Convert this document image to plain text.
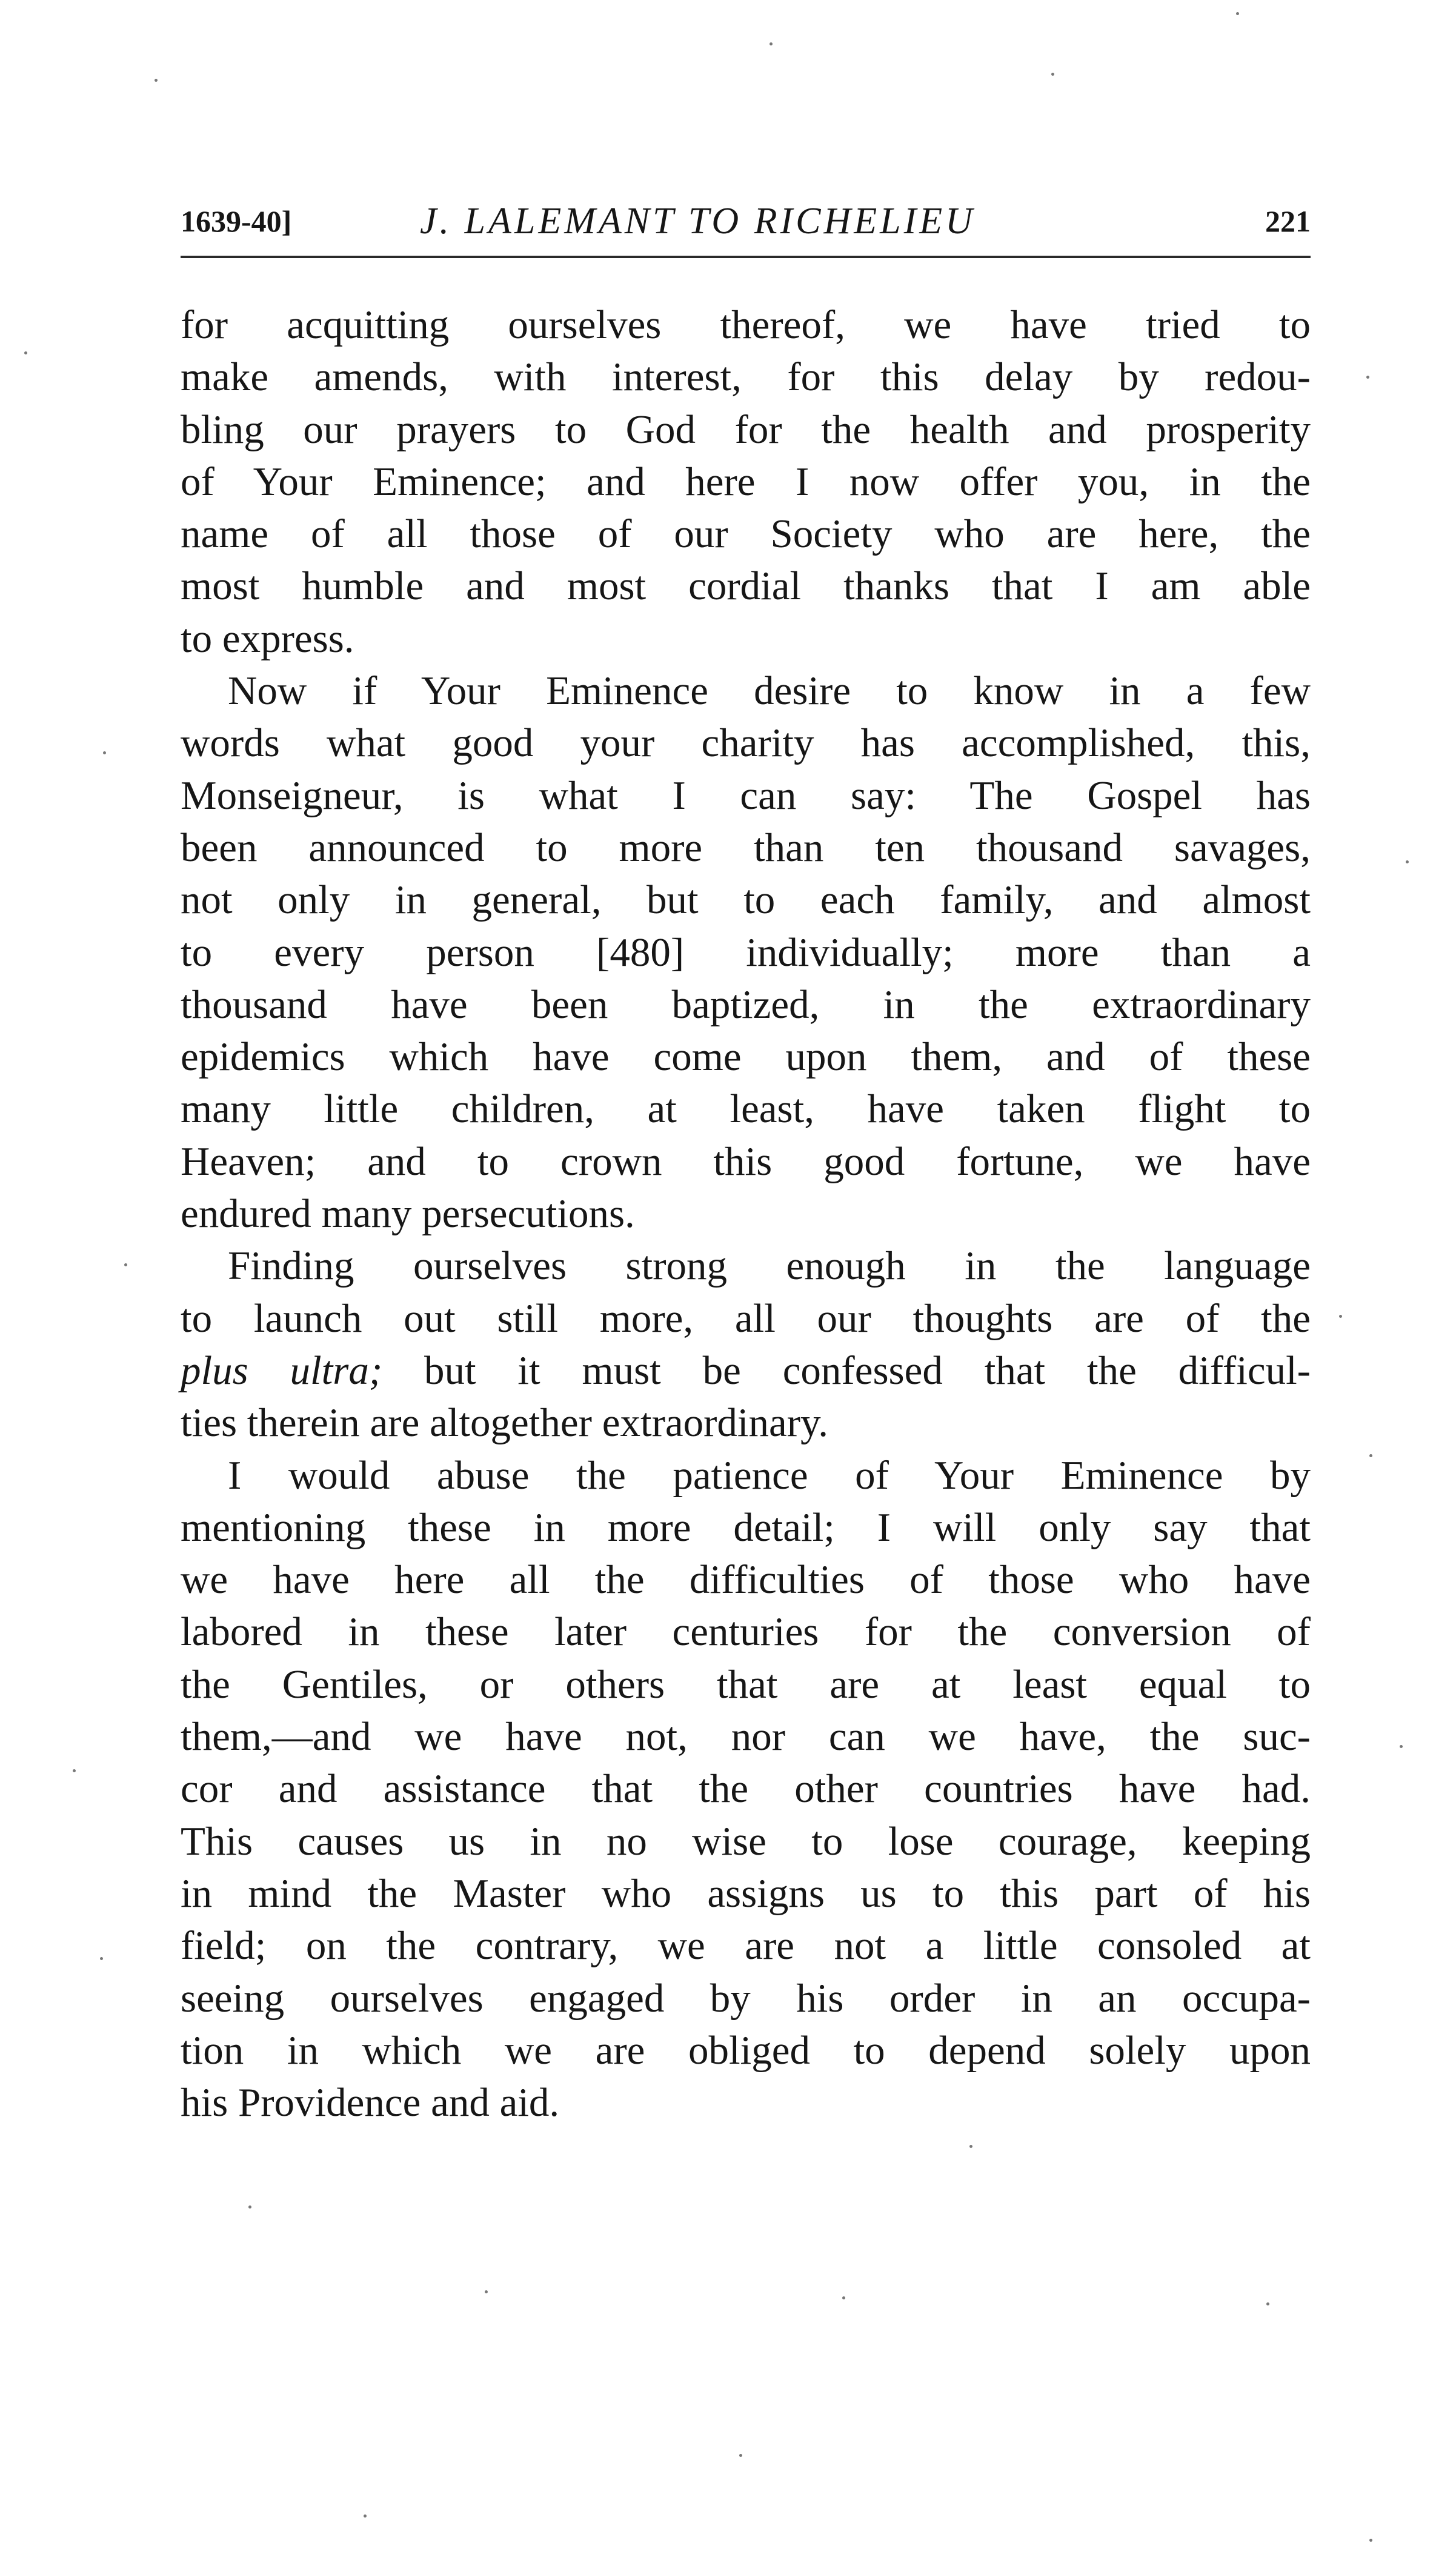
1639-40]	J. LALEMANT TO RICHELIEU	221
for acquitting ourselves thereof, we have tried to
make amends, with interest, for this delay by redou-
bling our prayers to God for the health and prosperity
of Your Eminence; and here I now offer you, in the
name of all those of our Society who are here, the
most humble and most cordial thanks that I am able
to express.
Now if Your Eminence desire to know in a few
words what good your charity has accomplished, this,
Monseigneur, is what I can say: The Gospel has
been announced to more than ten thousand savages,
not only in general, but to each family, and almost
to every person [480] individually; more than a
thousand have been baptized, in the extraordinary
epidemics which have come upon them, and of these
many little children, at least, have taken flight to
Heaven; and to crown this good fortune, we have
endured many persecutions.
Finding ourselves strong enough in the language
to launch out still more, all our thoughts are of the
plus ultra; but it must be confessed that the difficul-
ties therein are altogether extraordinary.
I would abuse the patience of Your Eminence by
mentioning these in more detail; I will only say that
we have here all the difficulties of those who have
labored in these later centuries for the conversion of
the Gentiles, or others that are at least equal to
them,—and we have not, nor can we have, the suc-
cor and assistance that the other countries have had.
This causes us in no wise to lose courage, keeping
in mind the Master who assigns us to this part of his
field; on the contrary, we are not a little consoled at
seeing ourselves engaged by his order in an occupa-
tion in which we are obliged to depend solely upon
his Providence and aid.
